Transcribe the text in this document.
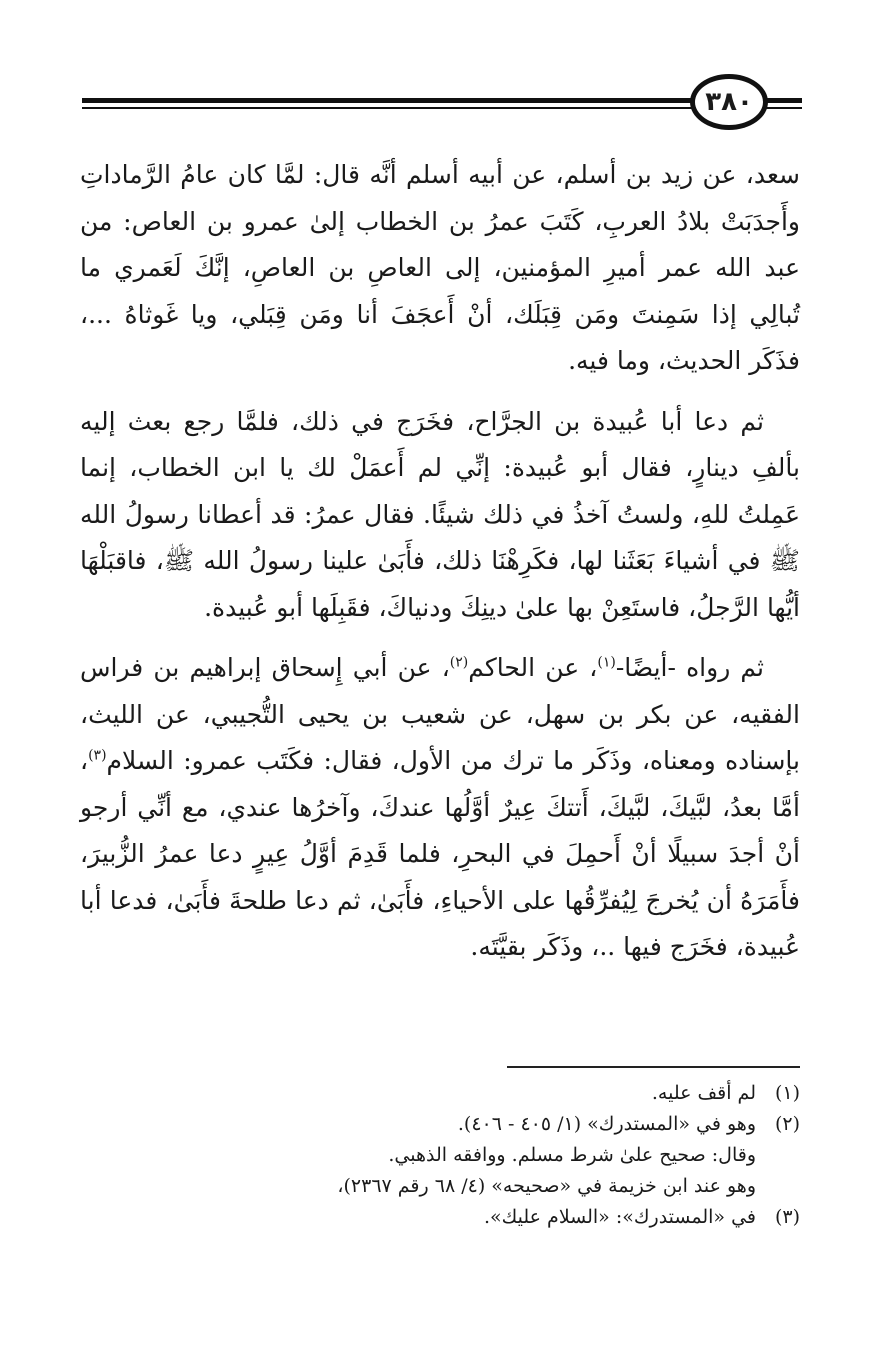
٣٨٠

سعد، عن زيد بن أسلم، عن أبيه أسلم أنَّه قال: لمَّا كان عامُ الرَّماداتِ وأَجدَبَتْ بلادُ العربِ، كَتَبَ عمرُ بن الخطاب إلىٰ عمرو بن العاص: من عبد الله عمر أميرِ المؤمنين، إلى العاصِ بن العاصِ، إنَّكَ لَعَمري ما تُبالِي إذا سَمِنتَ ومَن قِبَلَك، أنْ أَعجَفَ أنا ومَن قِبَلي، ويا غَوثاهُ ...، فذَكَر الحديث، وما فيه.

ثم دعا أبا عُبيدة بن الجرَّاح، فخَرَج في ذلك، فلمَّا رجع بعث إليه بألفِ دينارٍ، فقال أبو عُبيدة: إنِّي لم أَعمَلْ لك يا ابن الخطاب، إنما عَمِلتُ للهِ، ولستُ آخذُ في ذلك شيئًا. فقال عمرُ: قد أعطانا رسولُ الله ﷺ في أشياءَ بَعَثَنا لها، فكَرِهْنَا ذلك، فأَبَىٰ علينا رسولُ الله ﷺ، فاقبَلْهَا أيُّها الرَّجلُ، فاستَعِنْ بها علىٰ دينِكَ ودنياكَ، فقَبِلَها أبو عُبيدة.

ثم رواه -أيضًا-$^{(١)}$، عن الحاكم$^{(٢)}$، عن أبي إِسحاق إبراهيم بن فراس الفقيه، عن بكر بن سهل، عن شعيب بن يحيى التُّجيبي، عن الليث، بإسناده ومعناه، وذَكَر ما ترك من الأول، فقال: فكَتَب عمرو: السلام$^{(٣)}$، أمَّا بعدُ، لبَّيكَ، لبَّيكَ، أَتتكَ عِيرٌ أوَّلُها عندكَ، وآخرُها عندي، مع أنِّي أرجو أنْ أجدَ سبيلًا أنْ أَحمِلَ في البحرِ، فلما قَدِمَ أوَّلُ عِيرٍ دعا عمرُ الزُّبيرَ، فأَمَرَهُ أن يُخرجَ لِيُفرِّقُها على الأحياءِ، فأَبَىٰ، ثم دعا طلحةَ فأَبَىٰ، فدعا أبا عُبيدة، فخَرَج فيها ..، وذَكَر بقيَّتَه.

(١)
لم أقف عليه.
(٢)
وهو في «المستدرك» (١/ ٤٠٥ - ٤٠٦).
وقال: صحيح علىٰ شرط مسلم. ووافقه الذهبي.
وهو عند ابن خزيمة في «صحيحه» (٤/ ٦٨ رقم ٢٣٦٧)،
(٣)
في «المستدرك»: «السلام عليك».
